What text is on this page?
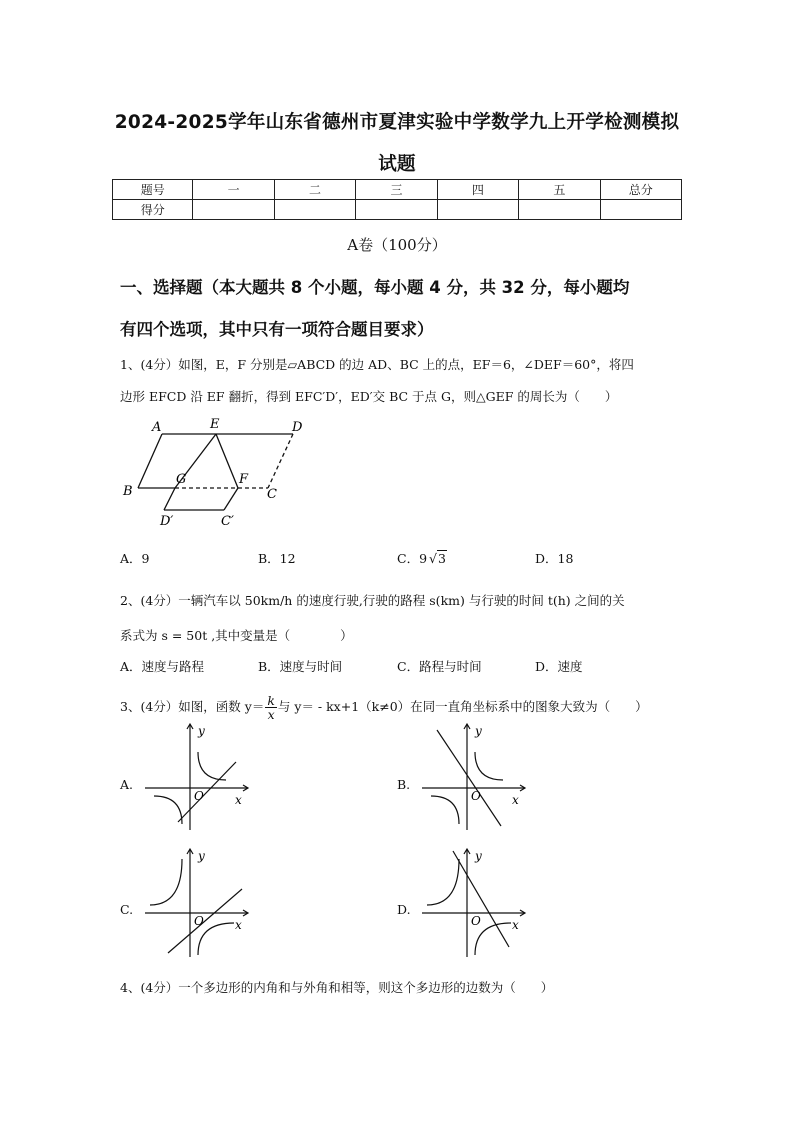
2024-2025学年山东省德州市夏津实验中学数学九上开学检测模拟
试题
题号	一	二	三	四	五	总分
得分						
A卷（100分）
一、选择题（本大题共 8 个小题，每小题 4 分，共 32 分，每小题均
有四个选项，其中只有一项符合题目要求）
1、(4分）如图，E，F 分别是▱ABCD 的边 AD、BC 上的点，EF＝6，∠DEF＝60°，将四
边形 EFCD 沿 EF 翻折，得到 EFC′D′，ED′交 BC 于点 G，则△GEF 的周长为（　　）
A	E	D
B
G	F
C
D′	C′
A．9	B．12	C．9 √3	D．18
2、(4分）一辆汽车以 50km/h 的速度行驶,行驶的路程 s(km) 与行驶的时间 t(h) 之间的关
系式为 s = 50t ,其中变量是（　　　　）
A．速度与路程	B．速度与时间	C．路程与时间	D．速度
3、(4分）如图，函数 $y= \frac{k}{x}$ 与 y＝ - kx+1（k≠0）在同一直角坐标系中的图象大致为（　　）
A.
y
x
O
B.
y
x
O
C.
y
x
O
D.
y
x
O
4、(4分）一个多边形的内角和与外角和相等，则这个多边形的边数为（　　）
